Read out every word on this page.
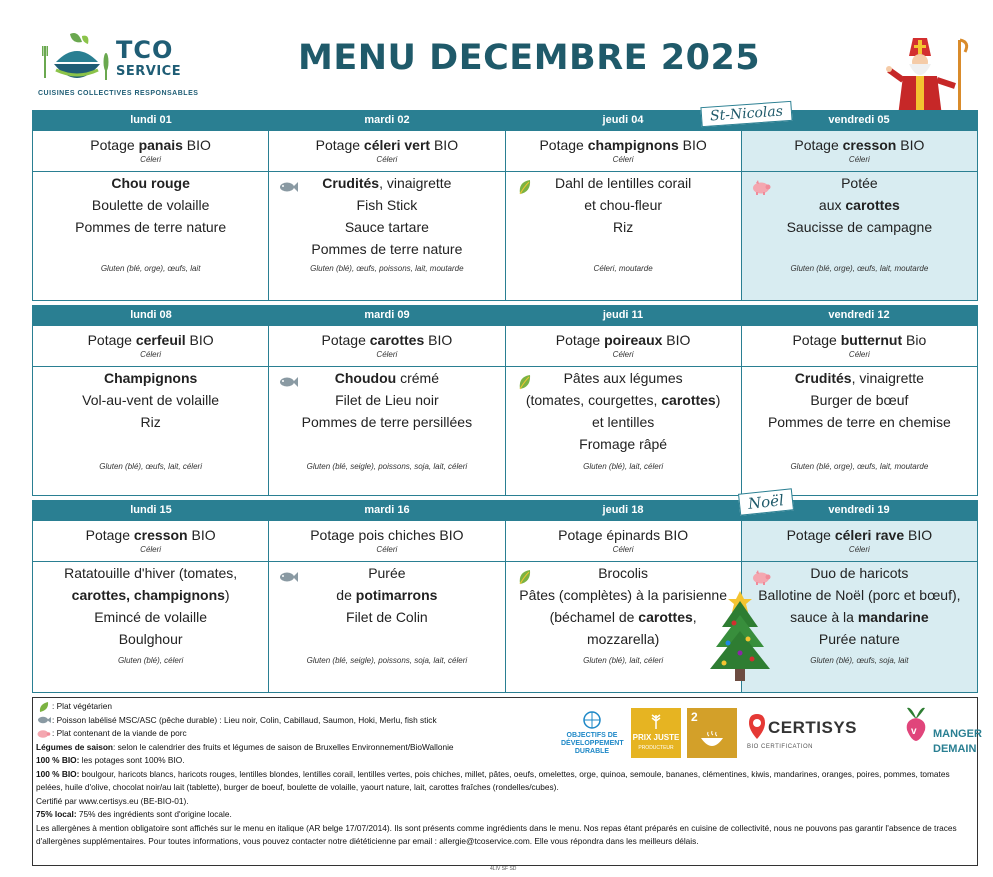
TCO
SERVICE
CUISINES COLLECTIVES RESPONSABLES
MENU DECEMBRE 2025
lundi 01	mardi 02	jeudi 04	vendredi 05
Potage panais BIO
Céleri
Potage céleri vert BIO
Céleri
Potage champignons BIO
Céleri
Potage cresson BIO
Céleri
Chou rouge
Boulette de volaille
Pommes de terre nature
Gluten (blé, orge), œufs, lait
Crudités, vinaigrette
Fish Stick
Sauce tartare
Pommes de terre nature
Gluten (blé), œufs, poissons, lait, moutarde
Dahl de lentilles corail
et chou-fleur
Riz
Céleri, moutarde
Potée
aux carottes
Saucisse de campagne
Gluten (blé, orge), œufs, lait, moutarde
St-Nicolas
lundi 08	mardi 09	jeudi 11	vendredi 12
Potage cerfeuil BIO
Céleri
Potage carottes BIO
Céleri
Potage poireaux BIO
Céleri
Potage butternut Bio
Céleri
Champignons
Vol-au-vent de volaille
Riz
Gluten (blé), œufs, lait, céleri
Choudou crémé
Filet de Lieu noir
Pommes de terre persillées
Gluten (blé, seigle), poissons, soja, lait, céleri
Pâtes aux légumes
(tomates, courgettes, carottes)
et lentilles
Fromage râpé
Gluten (blé), lait, céleri
Crudités, vinaigrette
Burger de bœuf
Pommes de terre en chemise
Gluten (blé, orge), œufs, lait, moutarde
lundi 15	mardi 16	jeudi 18	vendredi 19
Potage cresson BIO
Céleri
Potage pois chiches BIO
Céleri
Potage épinards BIO
Céleri
Potage céleri rave BIO
Céleri
Ratatouille d'hiver (tomates,
carottes, champignons)
Emincé de volaille
Boulghour
Gluten (blé), céleri
Purée
de potimarrons
Filet de Colin
Gluten (blé, seigle), poissons, soja, lait, céleri
Brocolis
Pâtes (complètes) à la parisienne
(béchamel de carottes,
mozzarella)
Gluten (blé), lait, céleri
Duo de haricots
Ballotine de Noël (porc et bœuf),
sauce à la mandarine
Purée nature
Gluten (blé), œufs, soja, lait
Noël
: Plat végétarien
: Poisson labélisé MSC/ASC (pêche durable) : Lieu noir, Colin, Cabillaud, Saumon, Hoki, Merlu, fish stick
: Plat contenant de la viande de porc
Légumes de saison: selon le calendrier des fruits et légumes de saison de Bruxelles Environnement/BioWallonie
100 % BIO: les potages sont 100% BIO.
100 % BIO: boulgour, haricots blancs, haricots rouges, lentilles blondes, lentilles corail, lentilles vertes, pois chiches, millet, pâtes, oeufs, omelettes, orge, quinoa, semoule, bananes, clémentines, kiwis, mandarines, oranges, poires, pommes, tomates pelées, huile d'olive, chocolat noir/au lait (tablette), burger de boeuf, boulette de volaille, yaourt nature, lait, carottes fraîches (rondelles/cubes).
Certifié par www.certisys.eu (BE-BIO-01).
75% local: 75% des ingrédients sont d'origine locale.
Les allergènes à mention obligatoire sont affichés sur le menu en italique (AR belge 17/07/2014). Ils sont présents comme ingrédients dans le menu. Nos repas étant préparés en cuisine de collectivité, nous ne pouvons pas garantir l'absence de traces d'allergènes supplémentaires. Pour toutes informations, vous pouvez contacter notre diététicienne par email : allergie@tcoservice.com. Elle vous répondra dans les meilleurs délais.
OBJECTIFS DE DÉVELOPPEMENT DURABLE
PRIX JUSTE
PRODUCTEUR
2
CERTISYS
BIO CERTIFICATION
v MANGER
DEMAIN
4LIV SF SD
